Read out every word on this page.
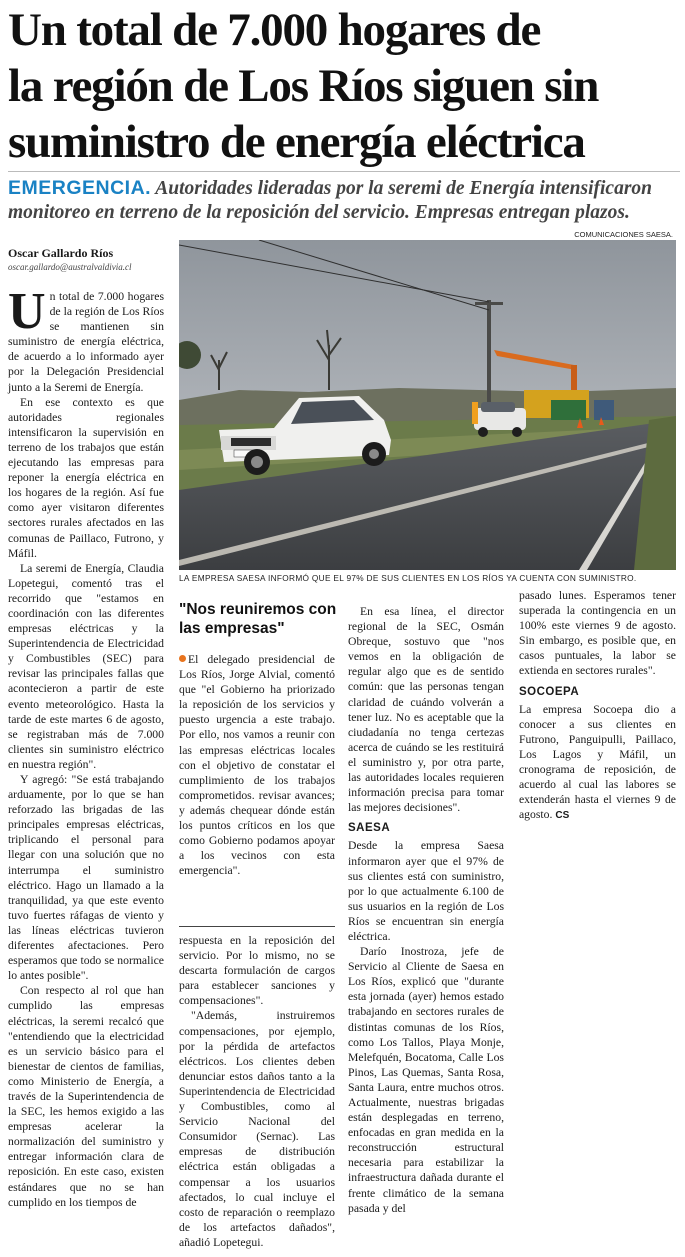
Un total de 7.000 hogares de
la región de Los Ríos siguen sin
suministro de energía eléctrica
EMERGENCIA. Autoridades lideradas por la seremi de Energía intensificaron monitoreo en terreno de la reposición del servicio. Empresas entregan plazos.
COMUNICACIONES SAESA.
Oscar Gallardo Ríos
oscar.gallardo@australvaldivia.cl
LA EMPRESA SAESA INFORMÓ QUE EL 97% DE SUS CLIENTES EN LOS RÍOS YA CUENTA CON SUMINISTRO.

Un total de 7.000 hogares de la región de Los Ríos se mantienen sin suministro de energía eléctrica, de acuerdo a lo informado ayer por la Delegación Presidencial junto a la Seremi de Energía.

En ese contexto es que autoridades regionales intensificaron la supervisión en terreno de los trabajos que están ejecutando las empresas para reponer la energía eléctrica en los hogares de la región. Así fue como ayer visitaron diferentes sectores rurales afectados en las comunas de Paillaco, Futrono, y Máfil.

La seremi de Energía, Claudia Lopetegui, comentó tras el recorrido que "estamos en coordinación con las diferentes empresas eléctricas y la Superintendencia de Electricidad y Combustibles (SEC) para revisar las principales fallas que acontecieron a partir de este evento meteorológico. Hasta la tarde de este martes 6 de agosto, se registraban más de 7.000 clientes sin suministro eléctrico en nuestra región".

Y agregó: "Se está trabajando arduamente, por lo que se han reforzado las brigadas de las principales empresas eléctricas, triplicando el personal para llegar con una solución que no interrumpa el suministro eléctrico. Hago un llamado a la tranquilidad, ya que este evento tuvo fuertes ráfagas de viento y las líneas eléctricas tuvieron diferentes afectaciones. Pero esperamos que todo se normalice lo antes posible".

Con respecto al rol que han cumplido las empresas eléctricas, la seremi recalcó que "entendiendo que la electricidad es un servicio básico para el bienestar de cientos de familias, como Ministerio de Energía, a través de la Superintendencia de la SEC, les hemos exigido a las empresas acelerar la normalización del suministro y entregar información clara de reposición. En este caso, existen estándares que no se han cumplido en los tiempos de

"Nos reuniremos con las empresas"

El delegado presidencial de Los Ríos, Jorge Alvial, comentó que "el Gobierno ha priorizado la reposición de los servicios y puesto urgencia a este trabajo. Por ello, nos vamos a reunir con las empresas eléctricas locales con el objetivo de constatar el cumplimiento de los trabajos comprometidos. revisar avances; y además chequear dónde están los puntos críticos en los que como Gobierno podamos apoyar a los vecinos con esta emergencia".

respuesta en la reposición del servicio. Por lo mismo, no se descarta formulación de cargos para establecer sanciones y compensaciones".

"Además, instruiremos compensaciones, por ejemplo, por la pérdida de artefactos eléctricos. Los clientes deben denunciar estos daños tanto a la Superintendencia de Electricidad y Combustibles, como al Servicio Nacional del Consumidor (Sernac). Las empresas de distribución eléctrica están obligadas a compensar a los usuarios afectados, lo cual incluye el costo de reparación o reemplazo de los artefactos dañados", añadió Lopetegui.

En esa línea, el director regional de la SEC, Osmán Obreque, sostuvo que "nos vemos en la obligación de regular algo que es de sentido común: que las personas tengan claridad de cuándo volverán a tener luz. No es aceptable que la ciudadanía no tenga certezas acerca de cuándo se les restituirá el suministro y, por otra parte, las autoridades locales requieren información precisa para tomar las mejores decisiones".

SAESA

Desde la empresa Saesa informaron ayer que el 97% de sus clientes está con suministro, por lo que actualmente 6.100 de sus usuarios en la región de Los Ríos se encuentran sin energía eléctrica.

Darío Inostroza, jefe de Servicio al Cliente de Saesa en Los Ríos, explicó que "durante esta jornada (ayer) hemos estado trabajando en sectores rurales de distintas comunas de los Ríos, como Los Tallos, Playa Monje, Melefquén, Bocatoma, Calle Los Pinos, Las Quemas, Santa Rosa, Santa Laura, entre muchos otros. Actualmente, nuestras brigadas están desplegadas en terreno, enfocadas en gran medida en la reconstrucción estructural necesaria para estabilizar la infraestructura dañada durante el frente climático de la semana pasada y del

pasado lunes. Esperamos tener superada la contingencia en un 100% este viernes 9 de agosto. Sin embargo, es posible que, en casos puntuales, la labor se extienda en sectores rurales".

SOCOEPA

La empresa Socoepa dio a conocer a sus clientes en Futrono, Panguipulli, Paillaco, Los Lagos y Máfil, un cronograma de reposición, de acuerdo al cual las labores se extenderán hasta el viernes 9 de agosto. CS
